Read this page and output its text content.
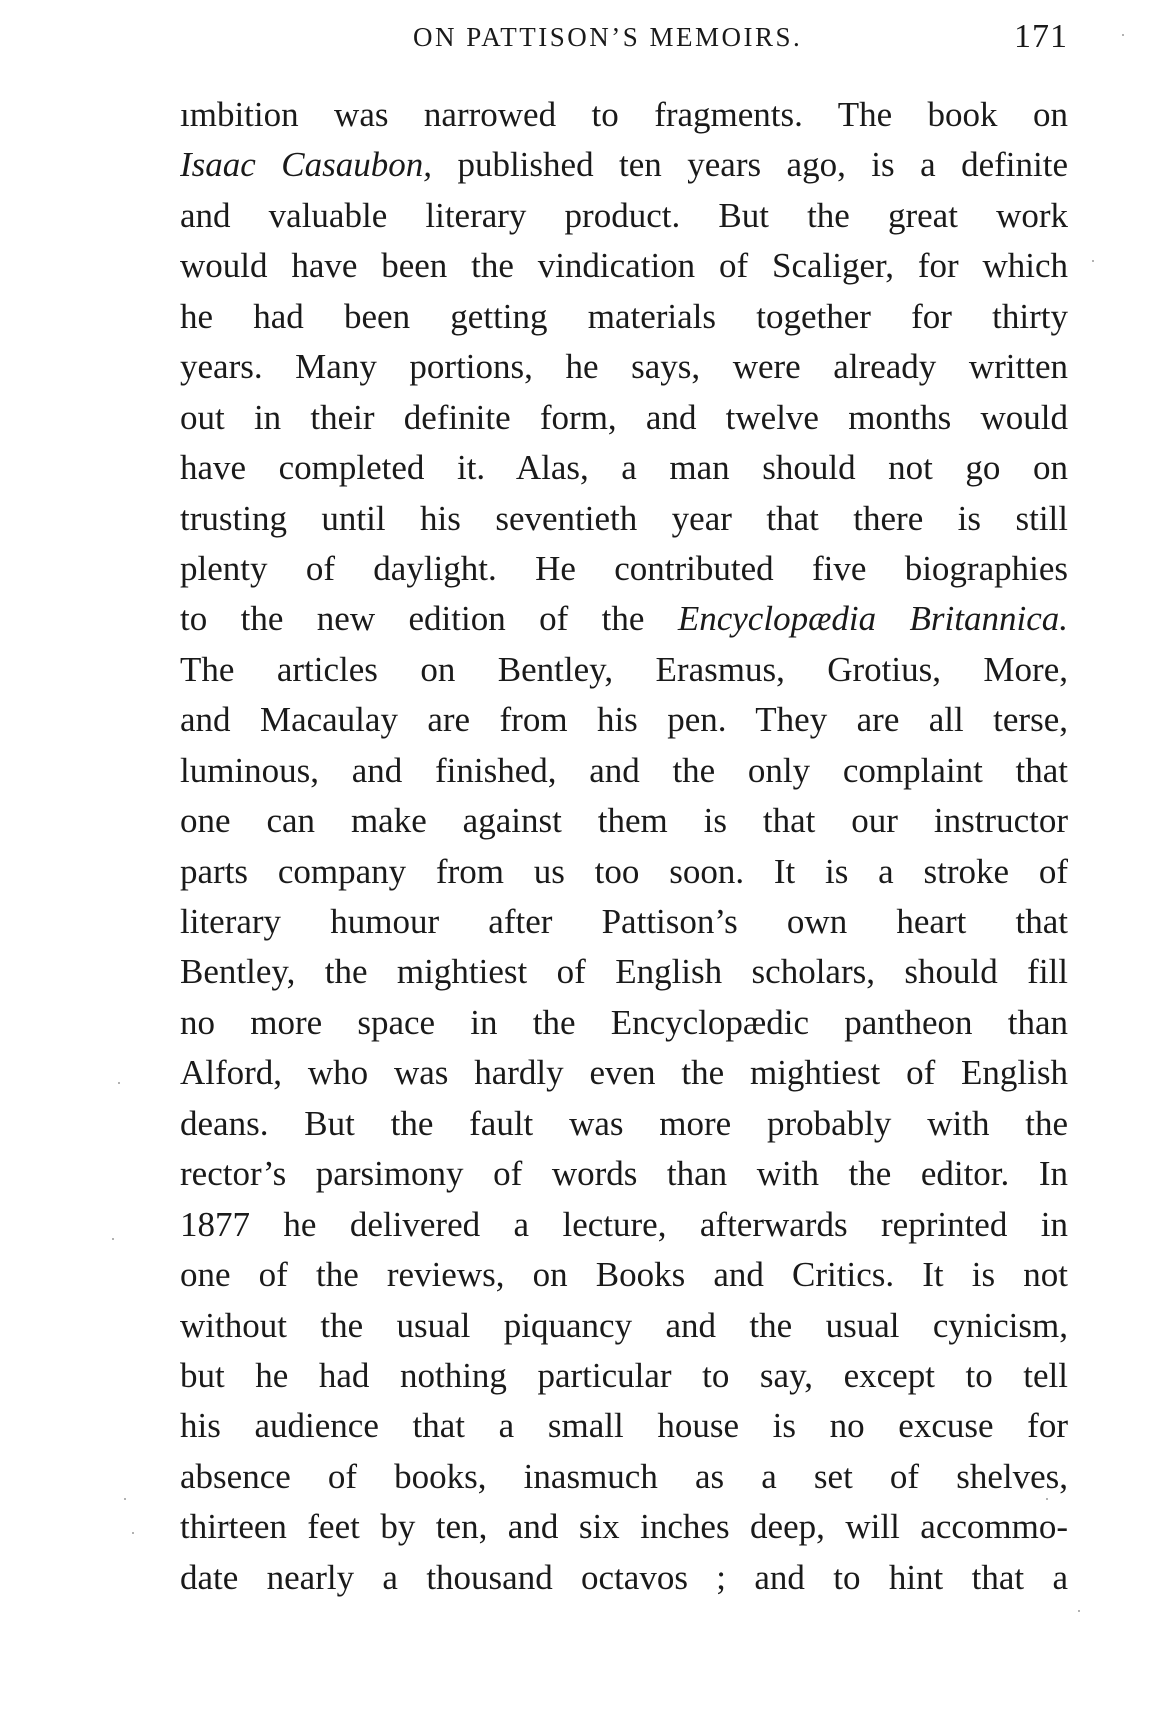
ON PATTISON’S MEMOIRS.	171
ımbition was narrowed to fragments. The book on
Isaac Casaubon, published ten years ago, is a definite
and valuable literary product. But the great work
would have been the vindication of Scaliger, for which
he had been getting materials together for thirty
years. Many portions, he says, were already written
out in their definite form, and twelve months would
have completed it. Alas, a man should not go on
trusting until his seventieth year that there is still
plenty of daylight. He contributed five biographies
to the new edition of the Encyclopædia Britannica.
The articles on Bentley, Erasmus, Grotius, More,
and Macaulay are from his pen. They are all terse,
luminous, and finished, and the only complaint that
one can make against them is that our instructor
parts company from us too soon. It is a stroke of
literary humour after Pattison’s own heart that
Bentley, the mightiest of English scholars, should fill
no more space in the Encyclopædic pantheon than
Alford, who was hardly even the mightiest of English
deans. But the fault was more probably with the
rector’s parsimony of words than with the editor. In
1877 he delivered a lecture, afterwards reprinted in
one of the reviews, on Books and Critics. It is not
without the usual piquancy and the usual cynicism,
but he had nothing particular to say, except to tell
his audience that a small house is no excuse for
absence of books, inasmuch as a set of shelves,
thirteen feet by ten, and six inches deep, will accommo-
date nearly a thousand octavos ; and to hint that a
